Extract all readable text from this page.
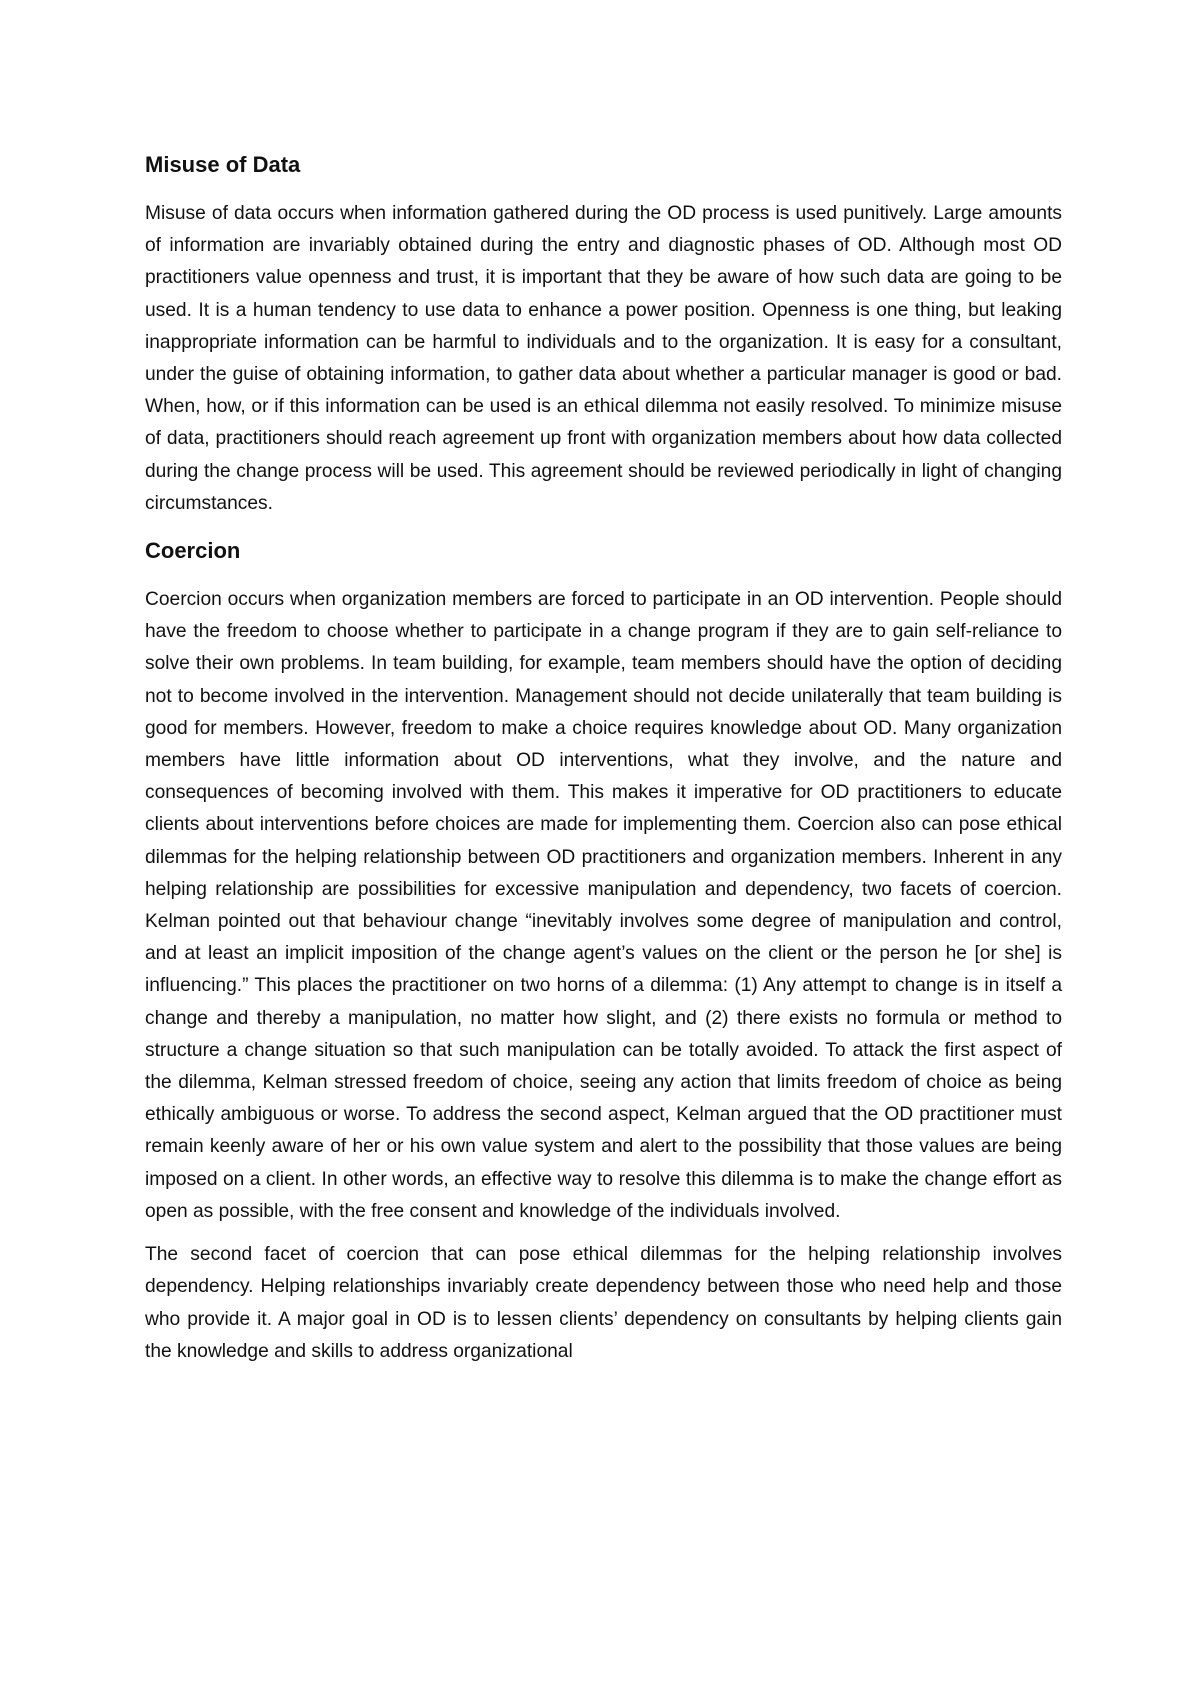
Misuse of Data

Misuse of data occurs when information gathered during the OD process is used punitively. Large amounts of information are invariably obtained during the entry and diagnostic phases of OD. Although most OD practitioners value openness and trust, it is important that they be aware of how such data are going to be used. It is a human tendency to use data to enhance a power position. Openness is one thing, but leaking inappropriate information can be harmful to individuals and to the organization. It is easy for a consultant, under the guise of obtaining information, to gather data about whether a particular manager is good or bad. When, how, or if this information can be used is an ethical dilemma not easily resolved. To minimize misuse of data, practitioners should reach agreement up front with organization members about how data collected during the change process will be used. This agreement should be reviewed periodically in light of changing circumstances.

Coercion

Coercion occurs when organization members are forced to participate in an OD intervention. People should have the freedom to choose whether to participate in a change program if they are to gain self-reliance to solve their own problems. In team building, for example, team members should have the option of deciding not to become involved in the intervention. Management should not decide unilaterally that team building is good for members. However, freedom to make a choice requires knowledge about OD. Many organization members have little information about OD interventions, what they involve, and the nature and consequences of becoming involved with them. This makes it imperative for OD practitioners to educate clients about interventions before choices are made for implementing them. Coercion also can pose ethical dilemmas for the helping relationship between OD practitioners and organization members. Inherent in any helping relationship are possibilities for excessive manipulation and dependency, two facets of coercion. Kelman pointed out that behaviour change “inevitably involves some degree of manipulation and control, and at least an implicit imposition of the change agent’s values on the client or the person he [or she] is influencing.” This places the practitioner on two horns of a dilemma: (1) Any attempt to change is in itself a change and thereby a manipulation, no matter how slight, and (2) there exists no formula or method to structure a change situation so that such manipulation can be totally avoided. To attack the first aspect of the dilemma, Kelman stressed freedom of choice, seeing any action that limits freedom of choice as being ethically ambiguous or worse. To address the second aspect, Kelman argued that the OD practitioner must remain keenly aware of her or his own value system and alert to the possibility that those values are being imposed on a client. In other words, an effective way to resolve this dilemma is to make the change effort as open as possible, with the free consent and knowledge of the individuals involved.

The second facet of coercion that can pose ethical dilemmas for the helping relationship involves dependency. Helping relationships invariably create dependency between those who need help and those who provide it. A major goal in OD is to lessen clients’ dependency on consultants by helping clients gain the knowledge and skills to address organizational
